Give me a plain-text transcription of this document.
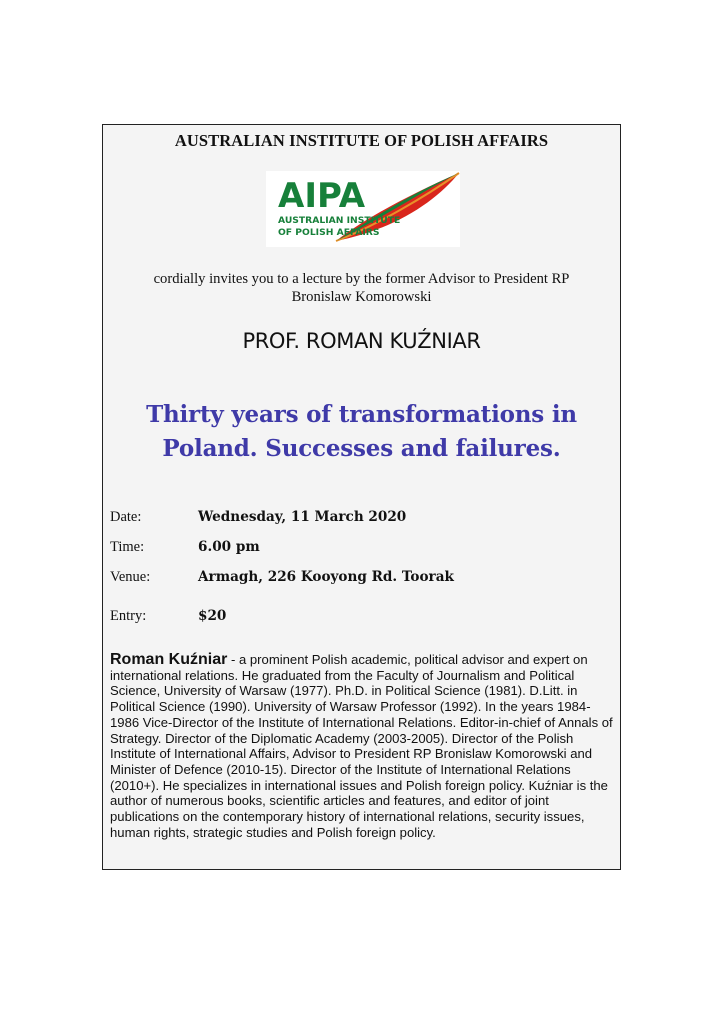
AUSTRALIAN INSTITUTE OF POLISH AFFAIRS
AIPA
AUSTRALIAN INSTITUTE
OF POLISH AFFAIRS
cordially invites you to a lecture by the former Advisor to President RP
Bronislaw Komorowski
PROF. ROMAN KUŹNIAR
Thirty years of transformations in
Poland. Successes and failures.
Date:	Wednesday, 11 March 2020
Time:	6.00 pm
Venue:	Armagh, 226 Kooyong Rd. Toorak
Entry:	$20
Roman Kuźniar - a prominent Polish academic, political advisor and expert on international relations. He graduated from the Faculty of Journalism and Political Science, University of Warsaw (1977). Ph.D. in Political Science (1981). D.Litt. in Political Science (1990). University of Warsaw Professor (1992). In the years 1984-1986 Vice-Director of the Institute of International Relations. Editor-in-chief of Annals of Strategy. Director of the Diplomatic Academy (2003-2005). Director of the Polish Institute of International Affairs, Advisor to President RP Bronislaw Komorowski and Minister of Defence (2010-15). Director of the Institute of International Relations (2010+). He specializes in international issues and Polish foreign policy. Kuźniar is the author of numerous books, scientific articles and features, and editor of joint publications on the contemporary history of international relations, security issues, human rights, strategic studies and Polish foreign policy.
